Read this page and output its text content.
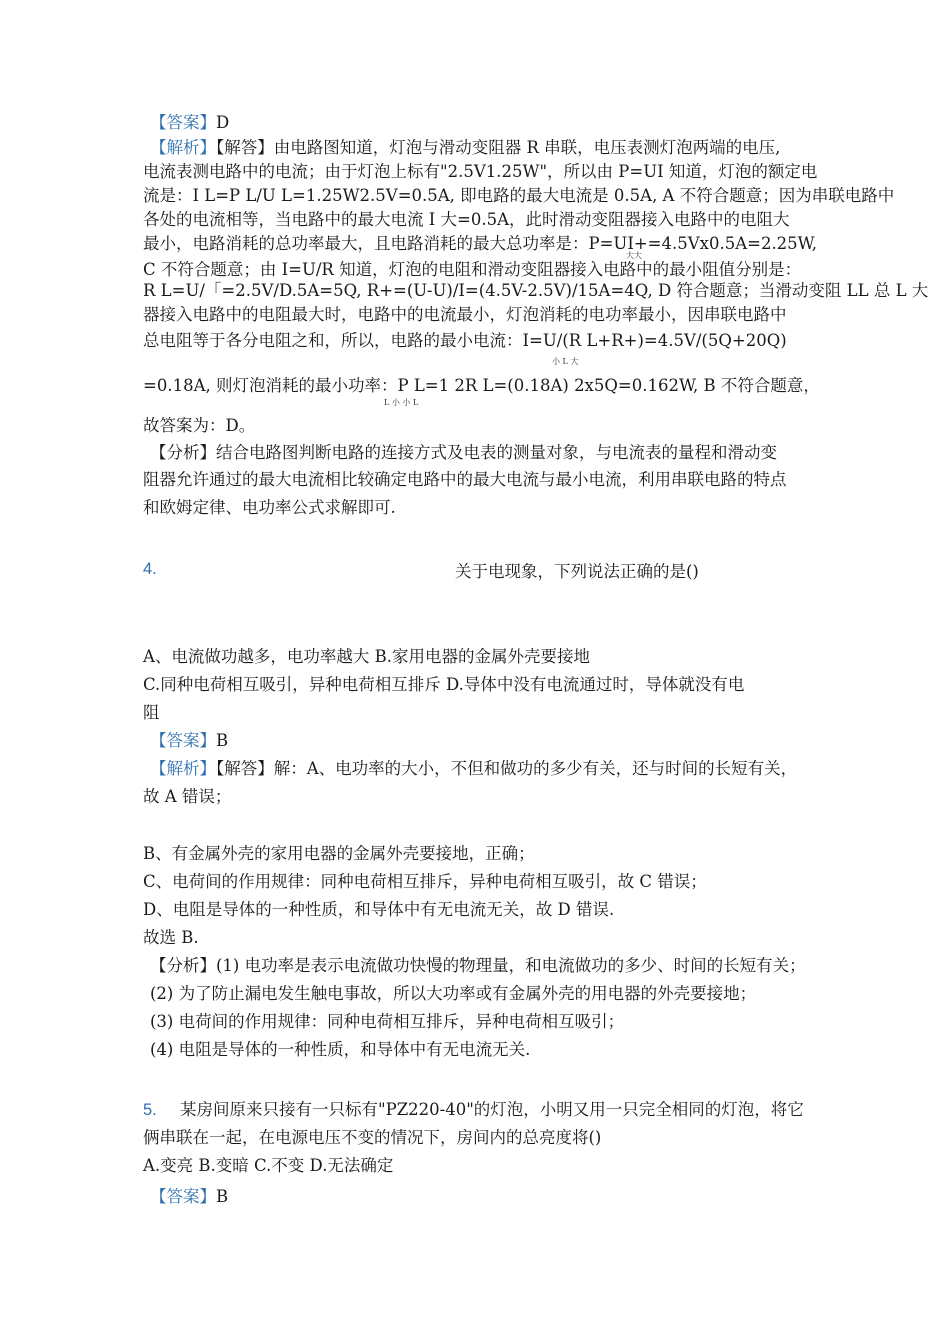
【答案】D
【解析】【解答】由电路图知道，灯泡与滑动变阻器 R 串联，电压表测灯泡两端的电压,
电流表测电路中的电流；由于灯泡上标有"2.5V1.25W"，所以由 P=UI 知道，灯泡的额定电
流是：I L=P L/U L=1.25W2.5V=0.5A, 即电路的最大电流是 0.5A, A 不符合题意；因为串联电路中
各处的电流相等，当电路中的最大电流 I 大=0.5A，此时滑动变阻器接入电路中的电阻大
最小，电路消耗的总功率最大，且电路消耗的最大总功率是：P=UI+=4.5Vx0.5A=2.25W,
大大
C 不符合题意；由 I=U/R 知道，灯泡的电阻和滑动变阻器接入电路中的最小阻值分别是：
R L=U/「=2.5V/D.5A=5Q, R+=(U-U)/I=(4.5V-2.5V)/15A=4Q, D 符合题意；当滑动变阻 LL 总 L 大
器接入电路中的电阻最大时，电路中的电流最小，灯泡消耗的电功率最小，因串联电路中
总电阻等于各分电阻之和，所以，电路的最小电流：I=U/(R L+R+)=4.5V/(5Q+20Q)
小 L 大
=0.18A, 则灯泡消耗的最小功率：P L=1 2R L=(0.18A) 2x5Q=0.162W, B 不符合题意，
L 小 小 L
故答案为：D。
【分析】结合电路图判断电路的连接方式及电表的测量对象，与电流表的量程和滑动变
阻器允许通过的最大电流相比较确定电路中的最大电流与最小电流，利用串联电路的特点
和欧姆定律、电功率公式求解即可.
4.	关于电现象，下列说法正确的是()
A、电流做功越多，电功率越大 B.家用电器的金属外壳要接地
C.同种电荷相互吸引，异种电荷相互排斥 D.导体中没有电流通过时，导体就没有电
阻
【答案】B
【解析】【解答】解：A、电功率的大小，不但和做功的多少有关，还与时间的长短有关，
故 A 错误；
B、有金属外壳的家用电器的金属外壳要接地，正确；
C、电荷间的作用规律：同种电荷相互排斥，异种电荷相互吸引，故 C 错误；
D、电阻是导体的一种性质，和导体中有无电流无关，故 D 错误.
故选 B.
【分析】(1) 电功率是表示电流做功快慢的物理量，和电流做功的多少、时间的长短有关；
(2) 为了防止漏电发生触电事故，所以大功率或有金属外壳的用电器的外壳要接地；
(3) 电荷间的作用规律：同种电荷相互排斥，异种电荷相互吸引；
(4) 电阻是导体的一种性质，和导体中有无电流无关.
5. 某房间原来只接有一只标有"PZ220-40"的灯泡，小明又用一只完全相同的灯泡，将它
俩串联在一起，在电源电压不变的情况下，房间内的总亮度将()
A.变亮 B.变暗 C.不变 D.无法确定
【答案】B
